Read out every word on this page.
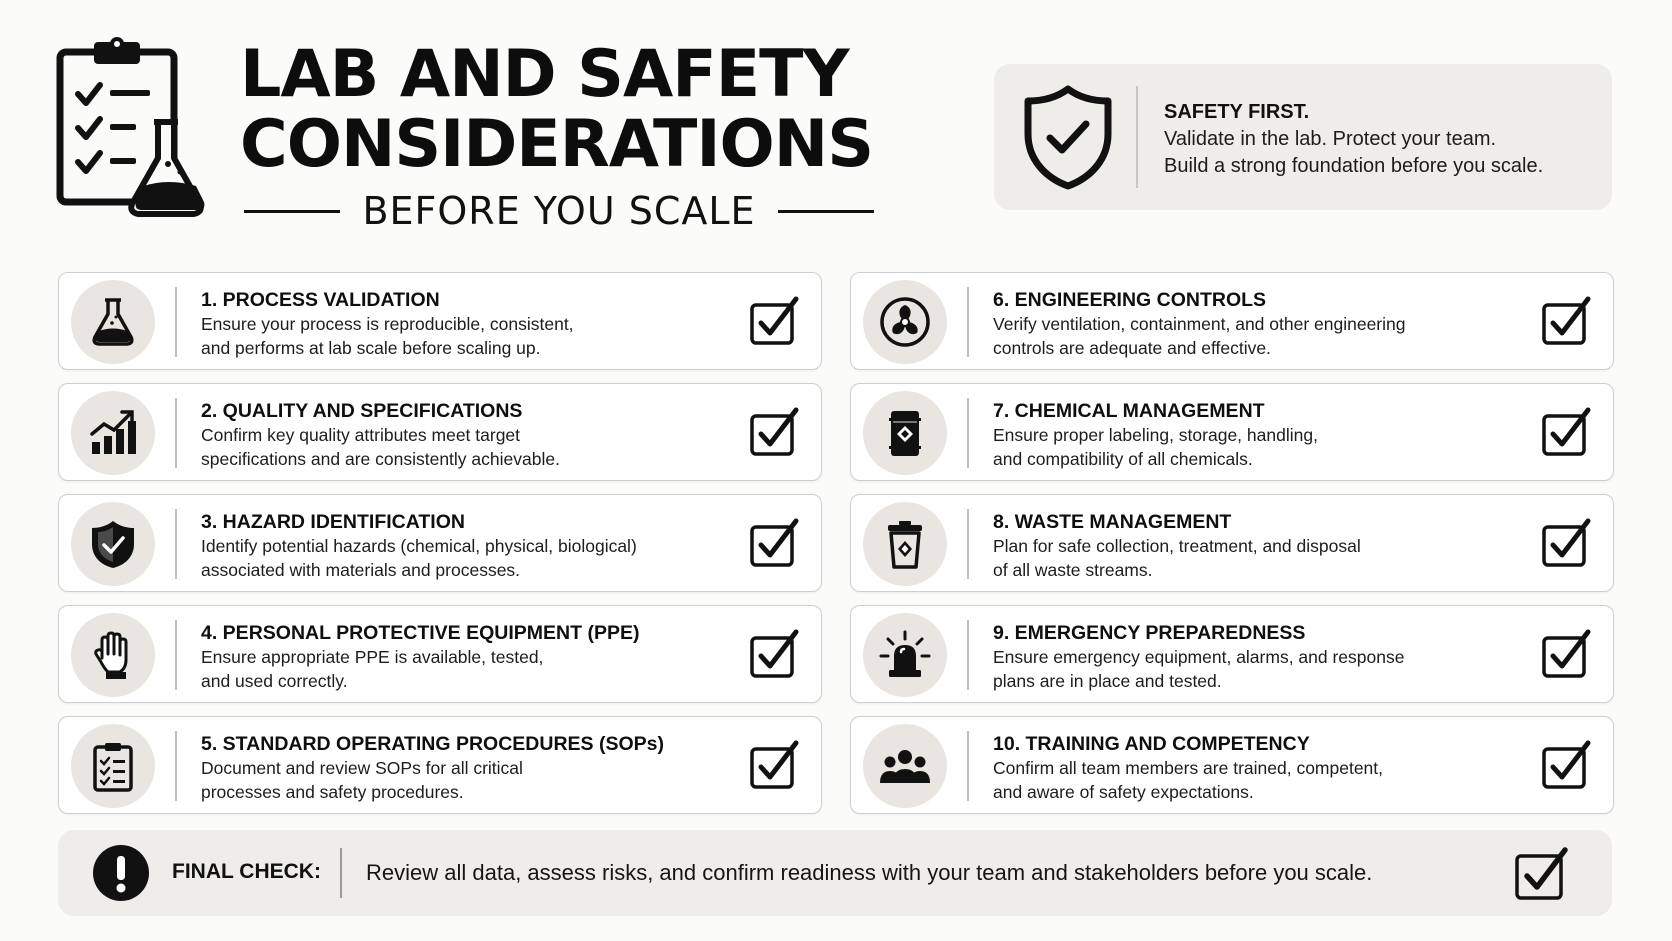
LAB AND SAFETY
CONSIDERATIONS
BEFORE YOU SCALE
SAFETY FIRST.
Validate in the lab. Protect your team.
Build a strong foundation before you scale.
1. PROCESS VALIDATION
Ensure your process is reproducible, consistent,
and performs at lab scale before scaling up.
2. QUALITY AND SPECIFICATIONS
Confirm key quality attributes meet target
specifications and are consistently achievable.
3. HAZARD IDENTIFICATION
Identify potential hazards (chemical, physical, biological)
associated with materials and processes.
4. PERSONAL PROTECTIVE EQUIPMENT (PPE)
Ensure appropriate PPE is available, tested,
and used correctly.
5. STANDARD OPERATING PROCEDURES (SOPs)
Document and review SOPs for all critical
processes and safety procedures.
6. ENGINEERING CONTROLS
Verify ventilation, containment, and other engineering
controls are adequate and effective.
7. CHEMICAL MANAGEMENT
Ensure proper labeling, storage, handling,
and compatibility of all chemicals.
8. WASTE MANAGEMENT
Plan for safe collection, treatment, and disposal
of all waste streams.
9. EMERGENCY PREPAREDNESS
Ensure emergency equipment, alarms, and response
plans are in place and tested.
10. TRAINING AND COMPETENCY
Confirm all team members are trained, competent,
and aware of safety expectations.
FINAL CHECK: Review all data, assess risks, and confirm readiness with your team and stakeholders before you scale.
